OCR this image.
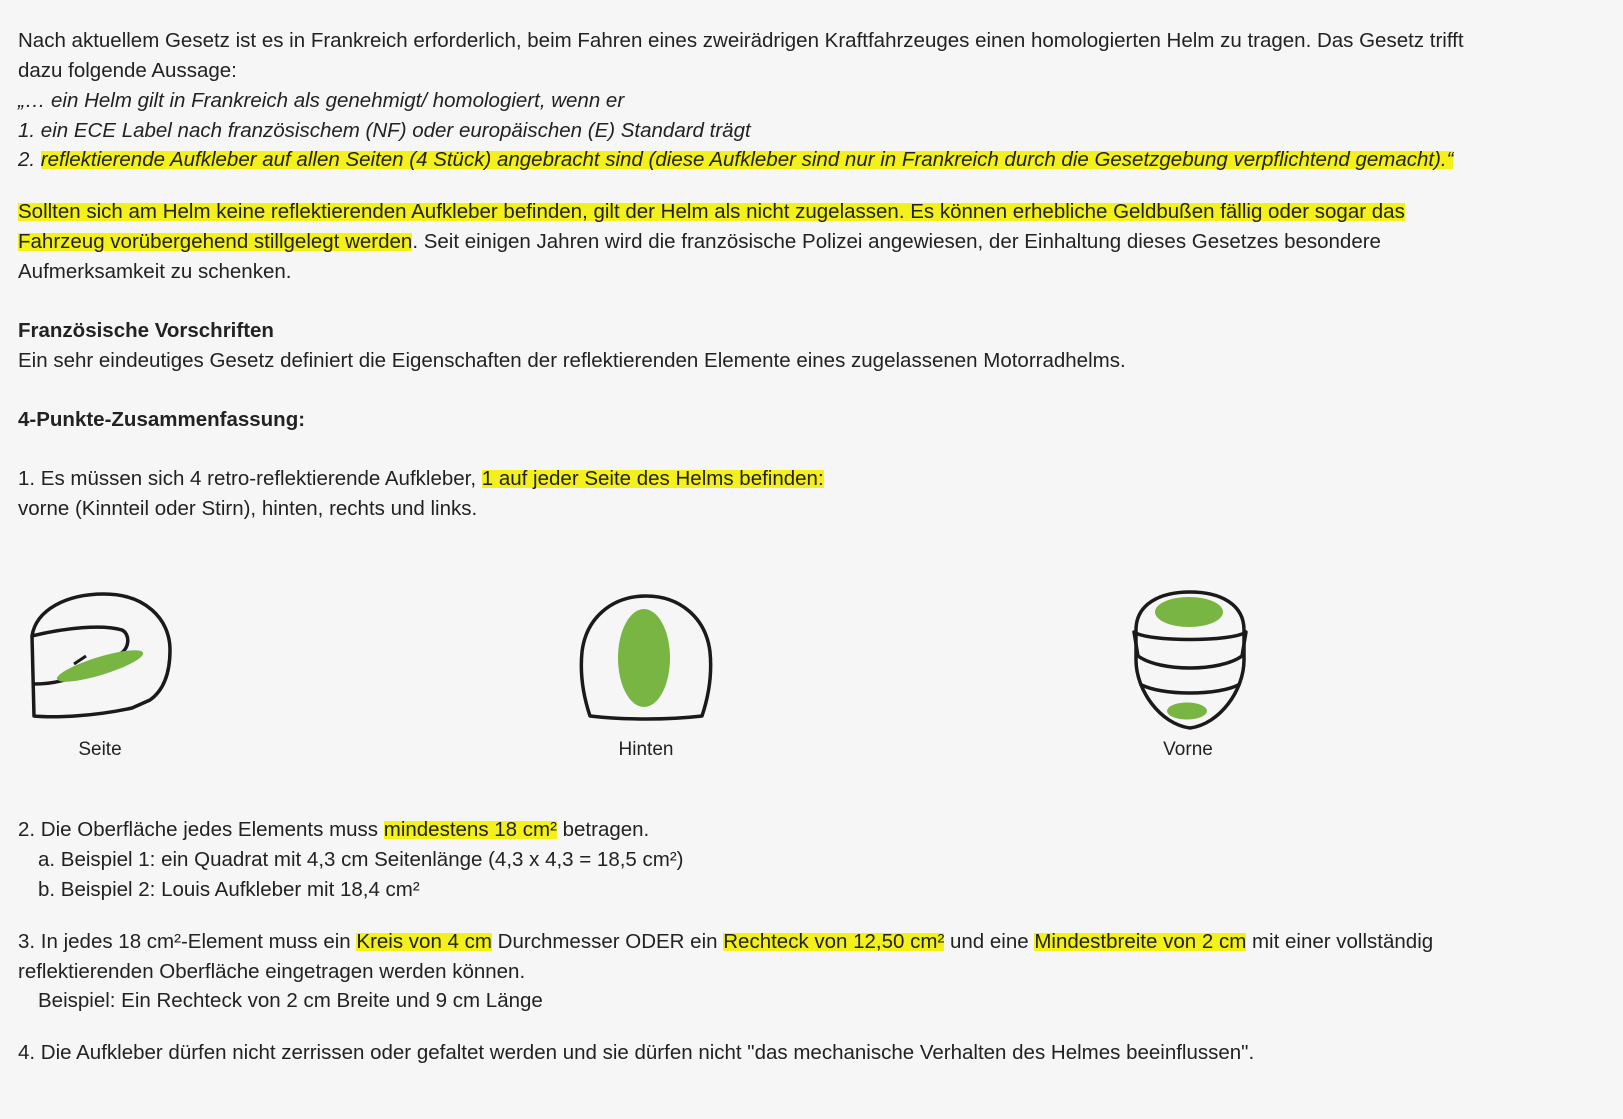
Nach aktuellem Gesetz ist es in Frankreich erforderlich, beim Fahren eines zweirädrigen Kraftfahrzeuges einen homologierten Helm zu tragen. Das Gesetz trifft
dazu folgende Aussage:
„… ein Helm gilt in Frankreich als genehmigt/ homologiert, wenn er
1. ein ECE Label nach französischem (NF) oder europäischen (E) Standard trägt
2. reflektierende Aufkleber auf allen Seiten (4 Stück) angebracht sind (diese Aufkleber sind nur in Frankreich durch die Gesetzgebung verpflichtend gemacht).“
Sollten sich am Helm keine reflektierenden Aufkleber befinden, gilt der Helm als nicht zugelassen. Es können erhebliche Geldbußen fällig oder sogar das
Fahrzeug vorübergehend stillgelegt werden. Seit einigen Jahren wird die französische Polizei angewiesen, der Einhaltung dieses Gesetzes besondere
Aufmerksamkeit zu schenken.
Französische Vorschriften
Ein sehr eindeutiges Gesetz definiert die Eigenschaften der reflektierenden Elemente eines zugelassenen Motorradhelms.
4-Punkte-Zusammenfassung:
1. Es müssen sich 4 retro-reflektierende Aufkleber, 1 auf jeder Seite des Helms befinden:
vorne (Kinnteil oder Stirn), hinten, rechts und links.
Seite	Hinten	Vorne
2. Die Oberfläche jedes Elements muss mindestens 18 cm² betragen.
a. Beispiel 1: ein Quadrat mit 4,3 cm Seitenlänge (4,3 x 4,3 = 18,5 cm²)
b. Beispiel 2: Louis Aufkleber mit 18,4 cm²
3. In jedes 18 cm²-Element muss ein Kreis von 4 cm Durchmesser ODER ein Rechteck von 12,50 cm² und eine Mindestbreite von 2 cm mit einer vollständig
reflektierenden Oberfläche eingetragen werden können.
Beispiel: Ein Rechteck von 2 cm Breite und 9 cm Länge
4. Die Aufkleber dürfen nicht zerrissen oder gefaltet werden und sie dürfen nicht "das mechanische Verhalten des Helmes beeinflussen".
